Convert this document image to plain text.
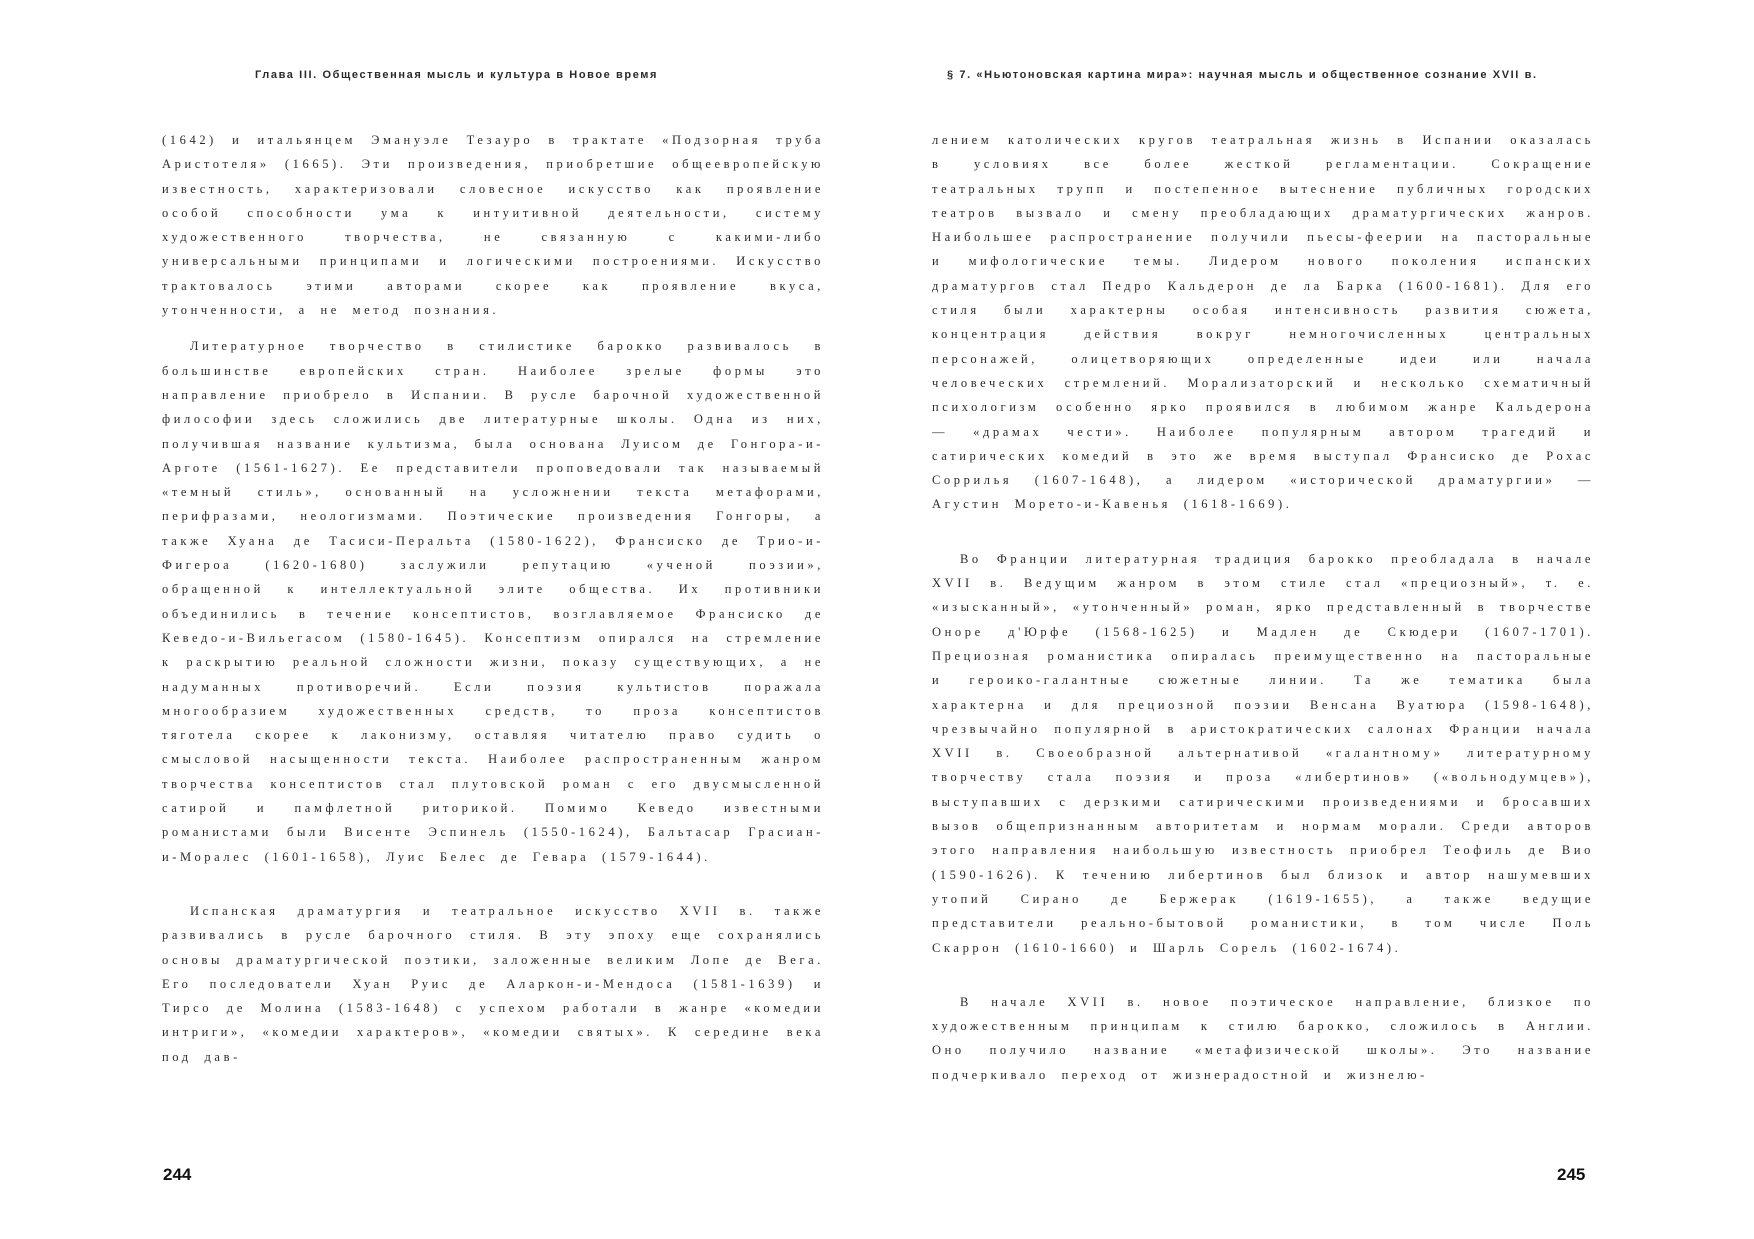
Глава III. Общественная мысль и культура в Новое время

(1642) и итальянцем Эмануэле Тезауро в трактате «Подзорная труба Аристотеля» (1665). Эти произведения, приобретшие общеевропейскую известность, характеризовали словесное искусство как проявление особой способности ума к интуитивной деятельности, систему художественного творчества, не связанную с какими-либо универсальными принципами и логическими построениями. Искусство трактовалось этими авторами скорее как проявление вкуса, утонченности, а не метод познания.

Литературное творчество в стилистике барокко развивалось в большинстве европейских стран. Наиболее зрелые формы это направление приобрело в Испании. В русле барочной художественной философии здесь сложились две литературные школы. Одна из них, получившая название культизма, была основана Луисом де Гонгора-и-Арготе (1561-1627). Ее представители проповедовали так называемый «темный стиль», основанный на усложнении текста метафорами, перифразами, неологизмами. Поэтические произведения Гонгоры, а также Хуана де Тасиси-Перальта (1580-1622), Франсиско де Трио-и-Фигероа (1620-1680) заслужили репутацию «ученой поэзии», обращенной к интеллектуальной элите общества. Их противники объединились в течение консептистов, возглавляемое Франсиско де Кеведо-и-Вильегасом (1580-1645). Консептизм опирался на стремление к раскрытию реальной сложности жизни, показу существующих, а не надуманных противоречий. Если поэзия культистов поражала многообразием художественных средств, то проза консептистов тяготела скорее к лаконизму, оставляя читателю право судить о смысловой насыщенности текста. Наиболее распространенным жанром творчества консептистов стал плутовской роман с его двусмысленной сатирой и памфлетной риторикой. Помимо Кеведо известными романистами были Висенте Эспинель (1550-1624), Бальтасар Грасиан-и-Моралес (1601-1658), Луис Белес де Гевара (1579-1644).

Испанская драматургия и театральное искусство XVII в. также развивались в русле барочного стиля. В эту эпоху еще сохранялись основы драматургической поэтики, заложенные великим Лопе де Вега. Его последователи Хуан Руис де Аларкон-и-Мендоса (1581-1639) и Тирсо де Молина (1583-1648) с успехом работали в жанре «комедии интриги», «комедии характеров», «комедии святых». К середине века под дав-

244
§ 7. «Ньютоновская картина мира»: научная мысль и общественное сознание XVII в.

лением католических кругов театральная жизнь в Испании оказалась в условиях все более жесткой регламентации. Сокращение театральных трупп и постепенное вытеснение публичных городских театров вызвало и смену преобладающих драматургических жанров. Наибольшее распространение получили пьесы-феерии на пасторальные и мифологические темы. Лидером нового поколения испанских драматургов стал Педро Кальдерон де ла Барка (1600-1681). Для его стиля были характерны особая интенсивность развития сюжета, концентрация действия вокруг немногочисленных центральных персонажей, олицетворяющих определенные идеи или начала человеческих стремлений. Морализаторский и несколько схематичный психологизм особенно ярко проявился в любимом жанре Кальдерона — «драмах чести». Наиболее популярным автором трагедий и сатирических комедий в это же время выступал Франсиско де Рохас Соррилья (1607-1648), а лидером «исторической драматургии» — Агустин Морето-и-Кавенья (1618-1669).

Во Франции литературная традиция барокко преобладала в начале XVII в. Ведущим жанром в этом стиле стал «прециозный», т. е. «изысканный», «утонченный» роман, ярко представленный в творчестве Оноре д'Юрфе (1568-1625) и Мадлен де Скюдери (1607-1701). Прециозная романистика опиралась преимущественно на пасторальные и героико-галантные сюжетные линии. Та же тематика была характерна и для прециозной поэзии Венсана Вуатюра (1598-1648), чрезвычайно популярной в аристократических салонах Франции начала XVII в. Своеобразной альтернативой «галантному» литературному творчеству стала поэзия и проза «либертинов» («вольнодумцев»), выступавших с дерзкими сатирическими произведениями и бросавших вызов общепризнанным авторитетам и нормам морали. Среди авторов этого направления наибольшую известность приобрел Теофиль де Вио (1590-1626). К течению либертинов был близок и автор нашумевших утопий Сирано де Бержерак (1619-1655), а также ведущие представители реально-бытовой романистики, в том числе Поль Скаррон (1610-1660) и Шарль Сорель (1602-1674).

В начале XVII в. новое поэтическое направление, близкое по художественным принципам к стилю барокко, сложилось в Англии. Оно получило название «метафизической школы». Это название подчеркивало переход от жизнерадостной и жизнелю-

245
